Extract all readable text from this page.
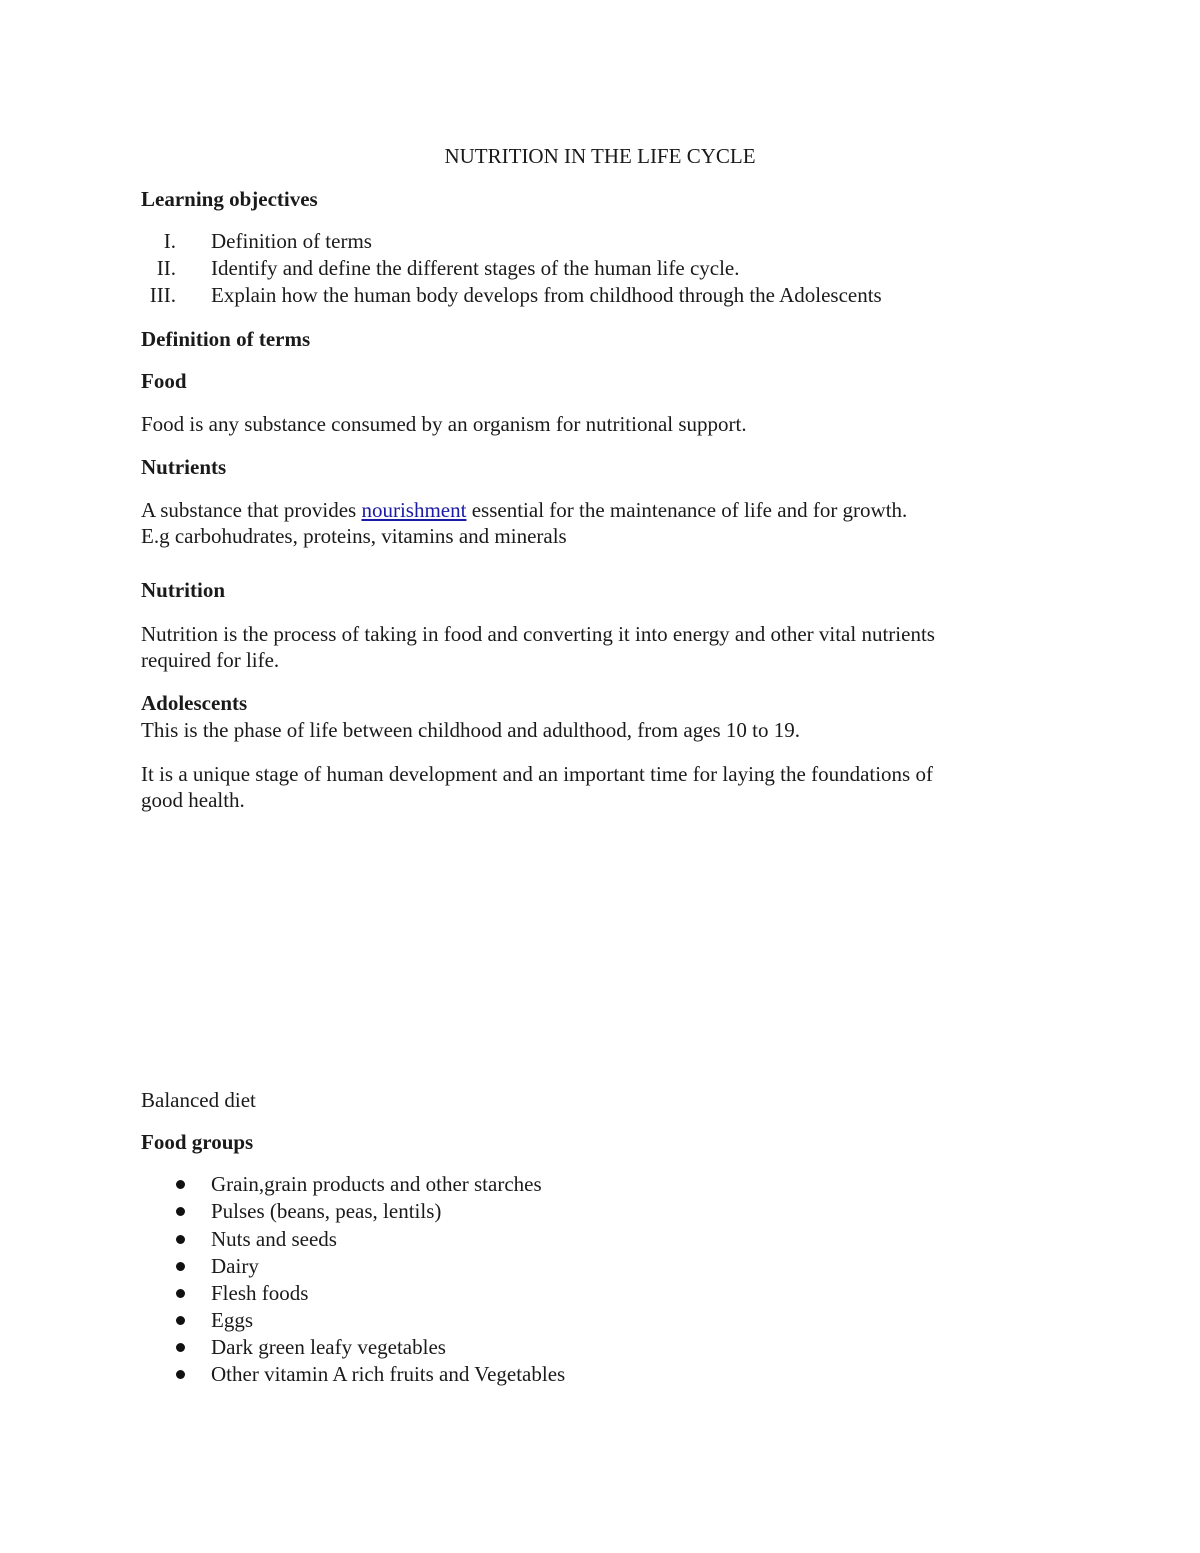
NUTRITION IN THE LIFE CYCLE
Learning objectives
I. Definition of terms
II. Identify and define the different stages of the human life cycle.
III. Explain how the human body develops from childhood through the Adolescents
Definition of terms
Food
Food is any substance consumed by an organism for nutritional support.
Nutrients
A substance that provides nourishment essential for the maintenance of life and for growth.
E.g carbohudrates, proteins, vitamins and minerals
Nutrition
Nutrition is the process of taking in food and converting it into energy and other vital nutrients
required for life.
Adolescents
This is the phase of life between childhood and adulthood, from ages 10 to 19.
It is a unique stage of human development and an important time for laying the foundations of
good health.
Balanced diet
Food groups
Grain,grain products and other starches
Pulses (beans, peas, lentils)
Nuts and seeds
Dairy
Flesh foods
Eggs
Dark green leafy vegetables
Other vitamin A rich fruits and Vegetables
